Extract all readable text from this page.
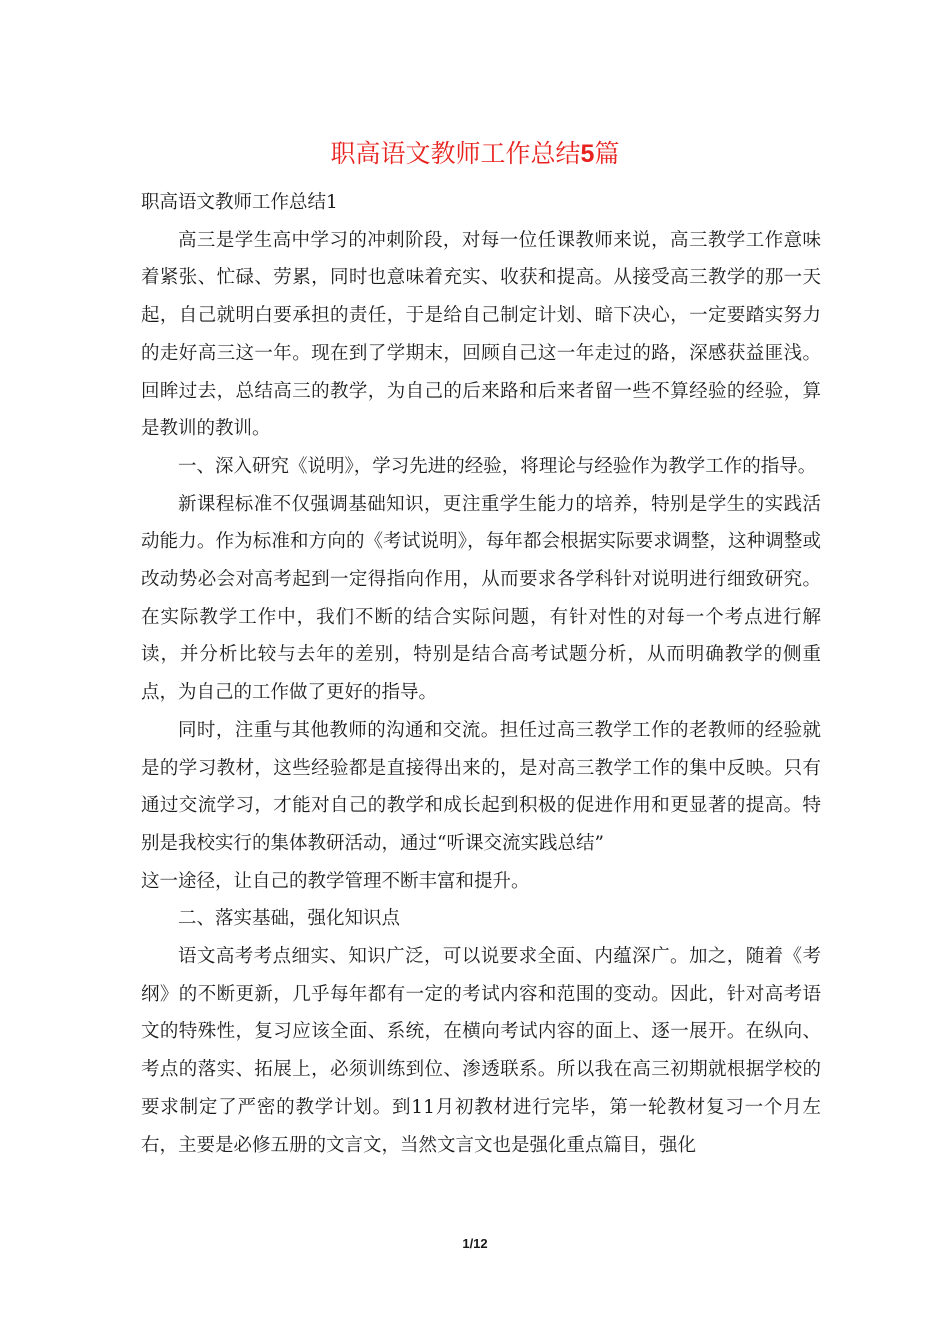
职高语文教师工作总结5篇

职高语文教师工作总结1

高三是学生高中学习的冲刺阶段，对每一位任课教师来说，高三教学工作意味着紧张、忙碌、劳累，同时也意味着充实、收获和提高。从接受高三教学的那一天起，自己就明白要承担的责任，于是给自己制定计划、暗下决心，一定要踏实努力的走好高三这一年。现在到了学期末，回顾自己这一年走过的路，深感获益匪浅。回眸过去，总结高三的教学，为自己的后来路和后来者留一些不算经验的经验，算是教训的教训。

一、深入研究《说明》，学习先进的经验，将理论与经验作为教学工作的指导。

新课程标准不仅强调基础知识，更注重学生能力的培养，特别是学生的实践活动能力。作为标准和方向的《考试说明》，每年都会根据实际要求调整，这种调整或改动势必会对高考起到一定得指向作用，从而要求各学科针对说明进行细致研究。在实际教学工作中，我们不断的结合实际问题，有针对性的对每一个考点进行解读，并分析比较与去年的差别，特别是结合高考试题分析，从而明确教学的侧重点，为自己的工作做了更好的指导。

同时，注重与其他教师的沟通和交流。担任过高三教学工作的老教师的经验就是的学习教材，这些经验都是直接得出来的，是对高三教学工作的集中反映。只有通过交流学习，才能对自己的教学和成长起到积极的促进作用和更显著的提高。特别是我校实行的集体教研活动，通过“听课交流实践总结”

这一途径，让自己的教学管理不断丰富和提升。

二、落实基础，强化知识点

语文高考考点细实、知识广泛，可以说要求全面、内蕴深广。加之，随着《考纲》的不断更新，几乎每年都有一定的考试内容和范围的变动。因此，针对高考语文的特殊性，复习应该全面、系统，在横向考试内容的面上、逐一展开。在纵向、考点的落实、拓展上，必须训练到位、渗透联系。所以我在高三初期就根据学校的要求制定了严密的教学计划。到11月初教材进行完毕，第一轮教材复习一个月左右，主要是必修五册的文言文，当然文言文也是强化重点篇目，强化

1/12
